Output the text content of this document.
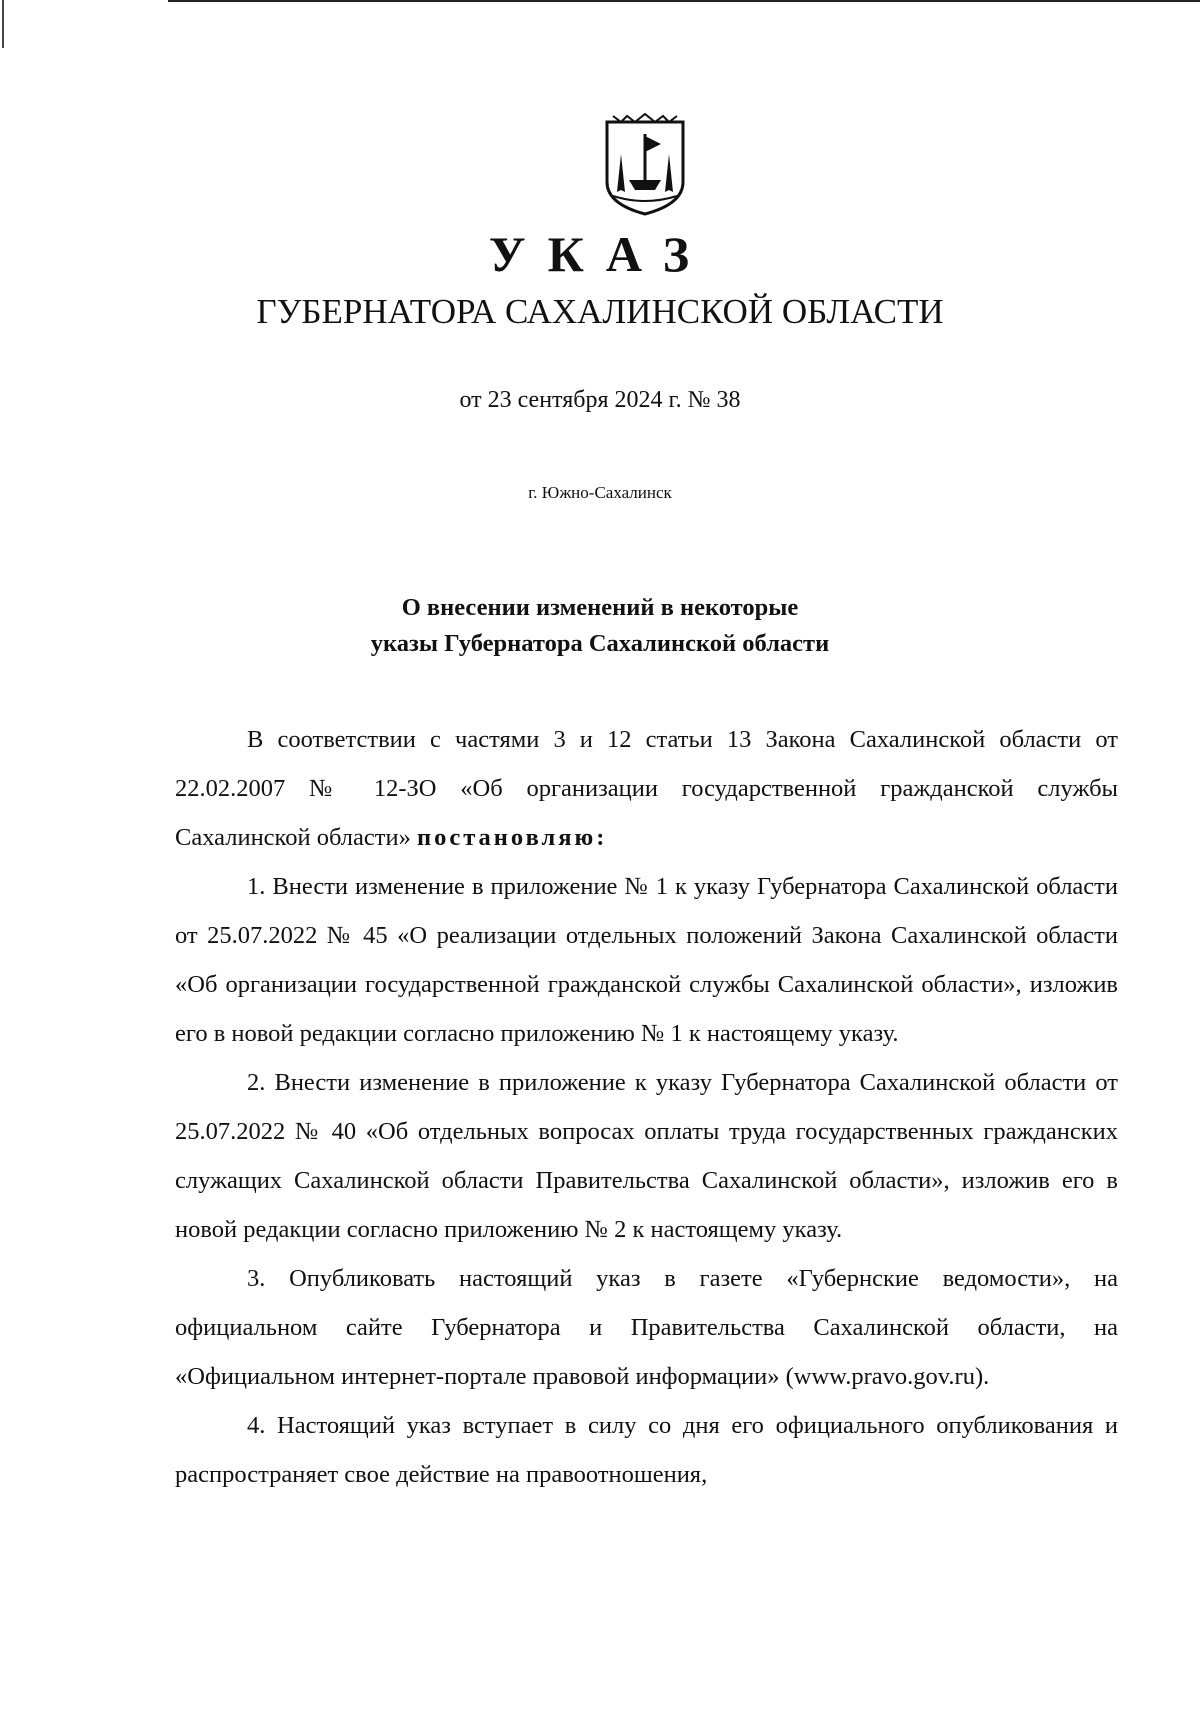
УКАЗ
ГУБЕРНАТОРА САХАЛИНСКОЙ ОБЛАСТИ
от 23 сентября 2024 г. № 38
г. Южно-Сахалинск
О внесении изменений в некоторые
указы Губернатора Сахалинской области

В соответствии с частями 3 и 12 статьи 13 Закона Сахалинской области от 22.02.2007 № 12-ЗО «Об организации государственной гражданской службы Сахалинской области» постановляю:

1. Внести изменение в приложение № 1 к указу Губернатора Сахалинской области от 25.07.2022 № 45 «О реализации отдельных положений Закона Сахалинской области «Об организации государственной гражданской службы Сахалинской области», изложив его в новой редакции согласно приложению № 1 к настоящему указу.

2. Внести изменение в приложение к указу Губернатора Сахалинской области от 25.07.2022 № 40 «Об отдельных вопросах оплаты труда государственных гражданских служащих Сахалинской области Правительства Сахалинской области», изложив его в новой редакции согласно приложению № 2 к настоящему указу.

3. Опубликовать настоящий указ в газете «Губернские ведомости», на официальном сайте Губернатора и Правительства Сахалинской области, на «Официальном интернет-портале правовой информации» (www.pravo.gov.ru).

4. Настоящий указ вступает в силу со дня его официального опубликования и распространяет свое действие на правоотношения,
